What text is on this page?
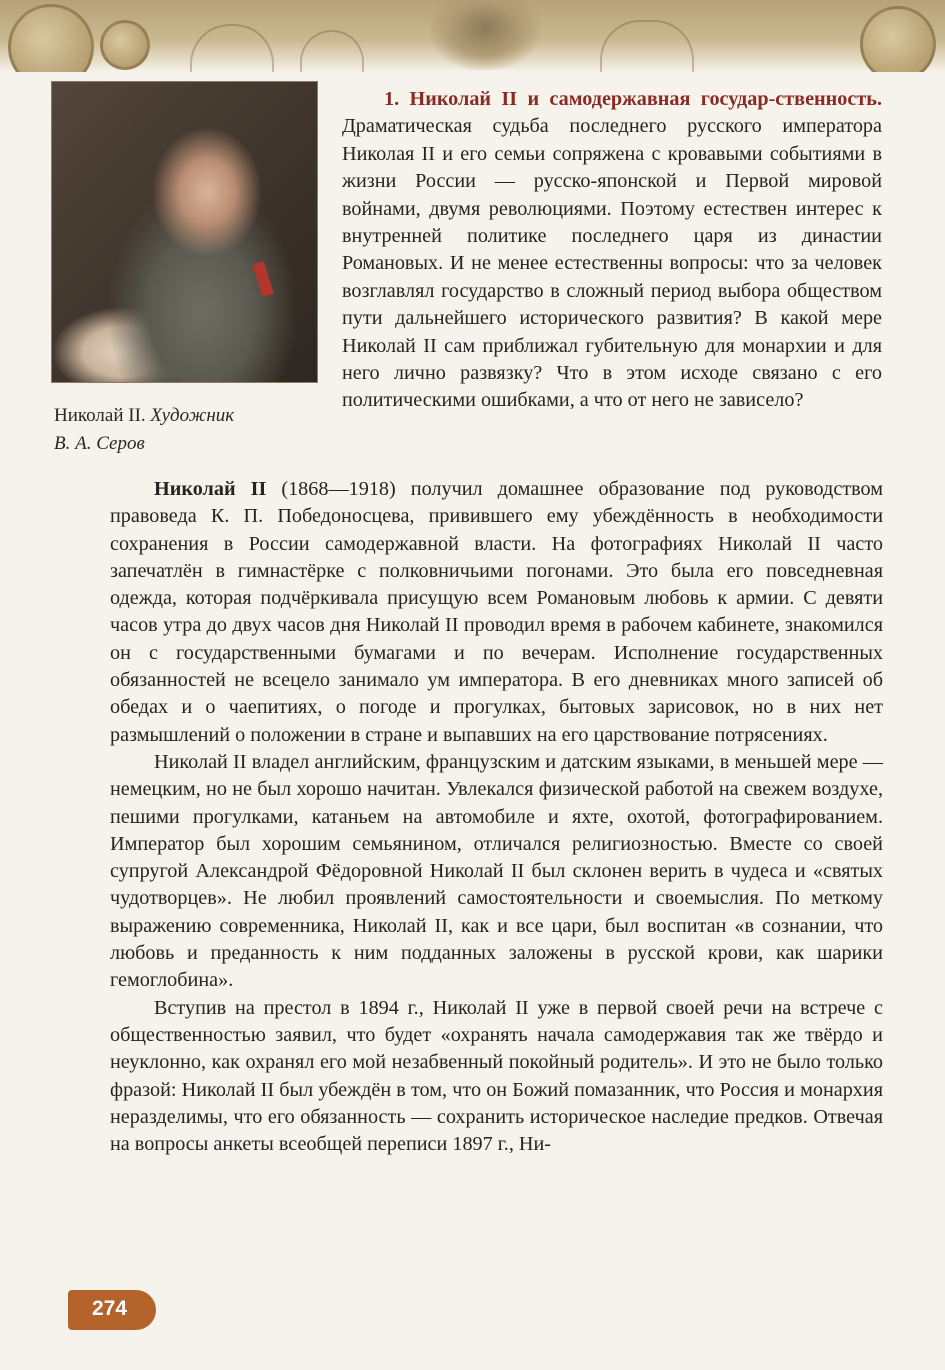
Николай II. Художник
В. А. Серов
1. Николай II и самодержавная государ-ственность. Драматическая судьба последнего русского императора Николая II и его семьи сопряжена с кровавыми событиями в жизни России — русско-японской и Первой мировой войнами, двумя революциями. Поэтому естествен интерес к внутренней политике последнего царя из династии Романовых. И не менее естественны вопросы: что за человек возглавлял государство в сложный период выбора обществом пути дальнейшего исторического развития? В какой мере Николай II сам приближал губительную для монархии и для него лично развязку? Что в этом исходе связано с его политическими ошибками, а что от него не зависело?

Николай II (1868—1918) получил домашнее образование под руководством правоведа К. П. Победоносцева, привившего ему убеждённость в необходимости сохранения в России самодержавной власти. На фотографиях Николай II часто запечатлён в гимнастёрке с полковничьими погонами. Это была его повседневная одежда, которая подчёркивала присущую всем Романовым любовь к армии. С девяти часов утра до двух часов дня Николай II проводил время в рабочем кабинете, знакомился он с государственными бумагами и по вечерам. Исполнение государственных обязанностей не всецело занимало ум императора. В его дневниках много записей об обедах и о чаепитиях, о погоде и прогулках, бытовых зарисовок, но в них нет размышлений о положении в стране и выпавших на его царствование потрясениях.

Николай II владел английским, французским и датским языками, в меньшей мере — немецким, но не был хорошо начитан. Увлекался физической работой на свежем воздухе, пешими прогулками, катаньем на автомобиле и яхте, охотой, фотографированием. Император был хорошим семьянином, отличался религиозностью. Вместе со своей супругой Александрой Фёдоровной Николай II был склонен верить в чудеса и «святых чудотворцев». Не любил проявлений самостоятельности и своемыслия. По меткому выражению современника, Николай II, как и все цари, был воспитан «в сознании, что любовь и преданность к ним подданных заложены в русской крови, как шарики гемоглобина».

Вступив на престол в 1894 г., Николай II уже в первой своей речи на встрече с общественностью заявил, что будет «охранять начала самодержавия так же твёрдо и неуклонно, как охранял его мой незабвенный покойный родитель». И это не было только фразой: Николай II был убеждён в том, что он Божий помазанник, что Россия и монархия неразделимы, что его обязанность — сохранить историческое наследие предков. Отвечая на вопросы анкеты всеобщей переписи 1897 г., Ни-

274
